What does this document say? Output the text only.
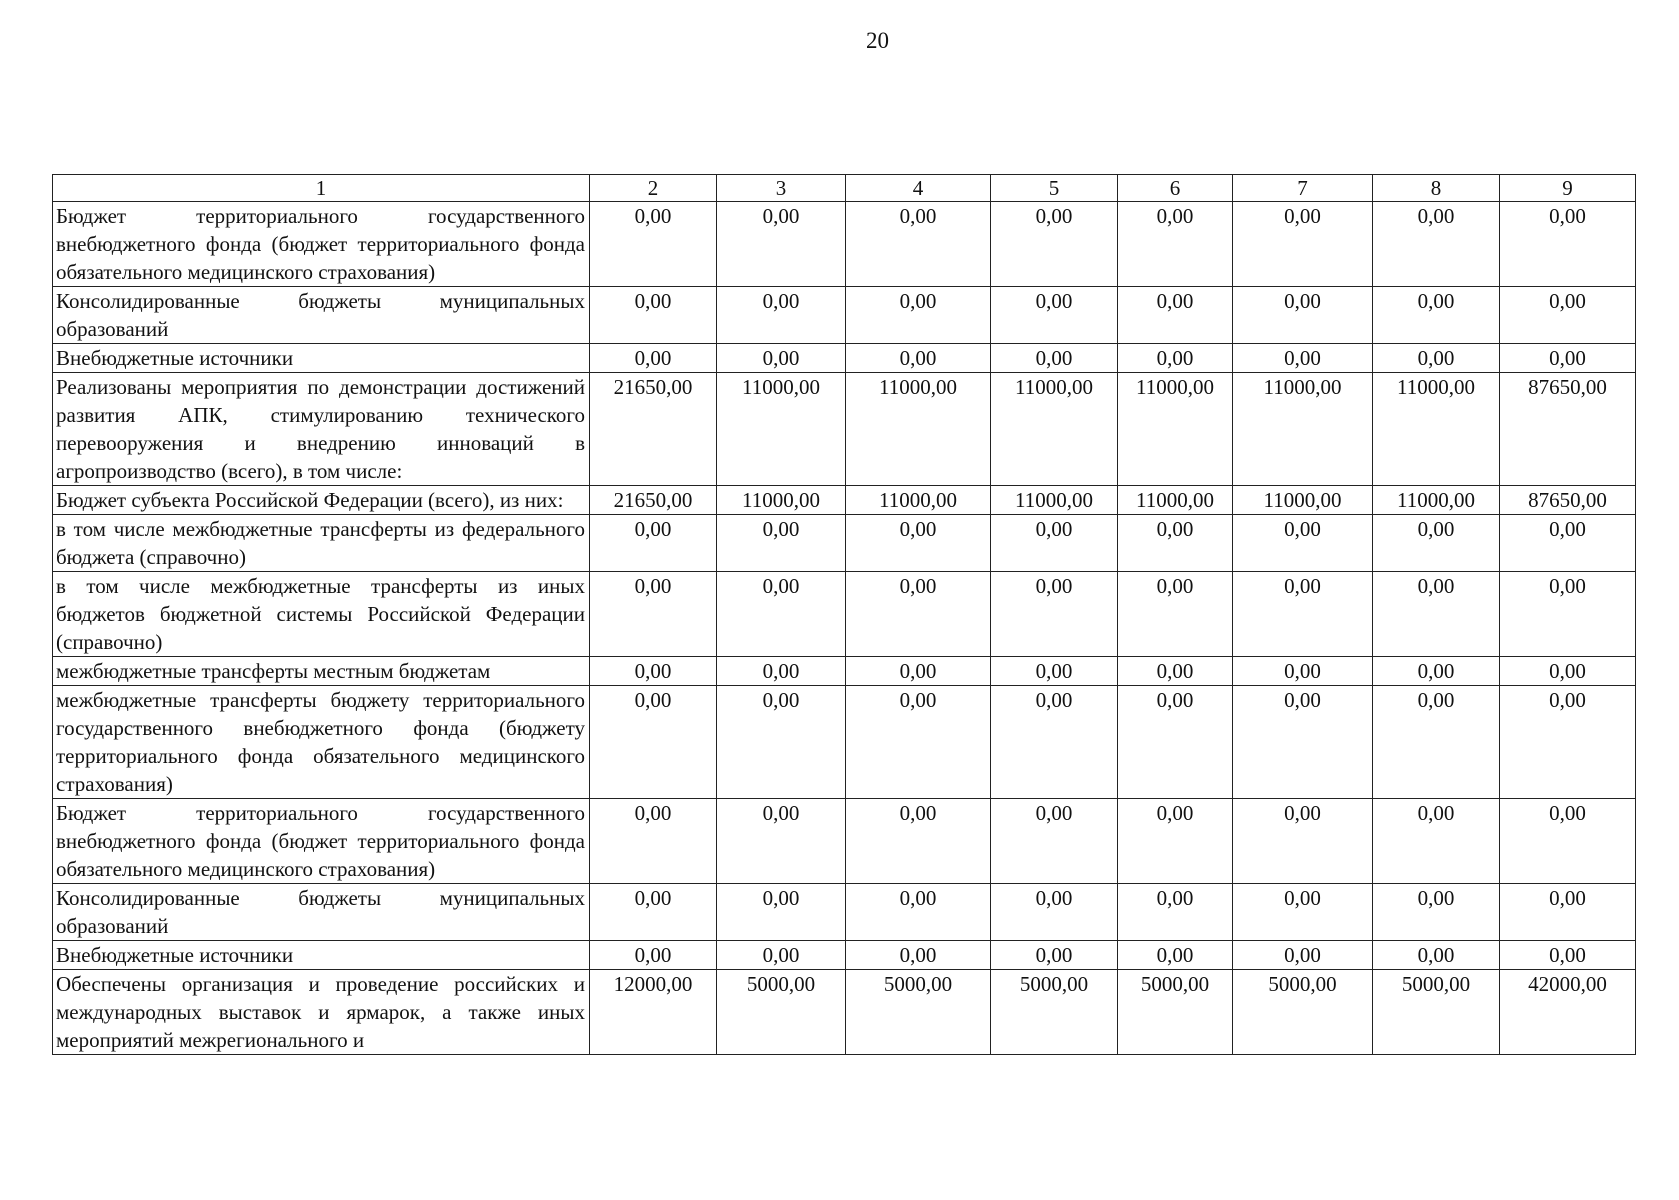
20
1	2	3	4	5	6	7	8	9
Бюджет территориального государственного внебюджетного фонда (бюджет территориального фонда обязательного медицинского страхования)	0,00	0,00	0,00	0,00	0,00	0,00	0,00	0,00
Консолидированные бюджеты муниципальных образований	0,00	0,00	0,00	0,00	0,00	0,00	0,00	0,00
Внебюджетные источники	0,00	0,00	0,00	0,00	0,00	0,00	0,00	0,00
Реализованы мероприятия по демонстрации достижений развития АПК, стимулированию технического перевооружения и внедрению инноваций в агропроизводство (всего), в том числе:	21650,00	11000,00	11000,00	11000,00	11000,00	11000,00	11000,00	87650,00
Бюджет субъекта Российской Федерации (всего), из них:	21650,00	11000,00	11000,00	11000,00	11000,00	11000,00	11000,00	87650,00
в том числе межбюджетные трансферты из федерального бюджета (справочно)	0,00	0,00	0,00	0,00	0,00	0,00	0,00	0,00
в том числе межбюджетные трансферты из иных бюджетов бюджетной системы Российской Федерации (справочно)	0,00	0,00	0,00	0,00	0,00	0,00	0,00	0,00
межбюджетные трансферты местным бюджетам	0,00	0,00	0,00	0,00	0,00	0,00	0,00	0,00
межбюджетные трансферты бюджету территориального государственного внебюджетного фонда (бюджету территориального фонда обязательного медицинского страхования)	0,00	0,00	0,00	0,00	0,00	0,00	0,00	0,00
Бюджет территориального государственного внебюджетного фонда (бюджет территориального фонда обязательного медицинского страхования)	0,00	0,00	0,00	0,00	0,00	0,00	0,00	0,00
Консолидированные бюджеты муниципальных образований	0,00	0,00	0,00	0,00	0,00	0,00	0,00	0,00
Внебюджетные источники	0,00	0,00	0,00	0,00	0,00	0,00	0,00	0,00
Обеспечены организация и проведение российских и международных выставок и ярмарок, а также иных мероприятий межрегионального и	12000,00	5000,00	5000,00	5000,00	5000,00	5000,00	5000,00	42000,00
